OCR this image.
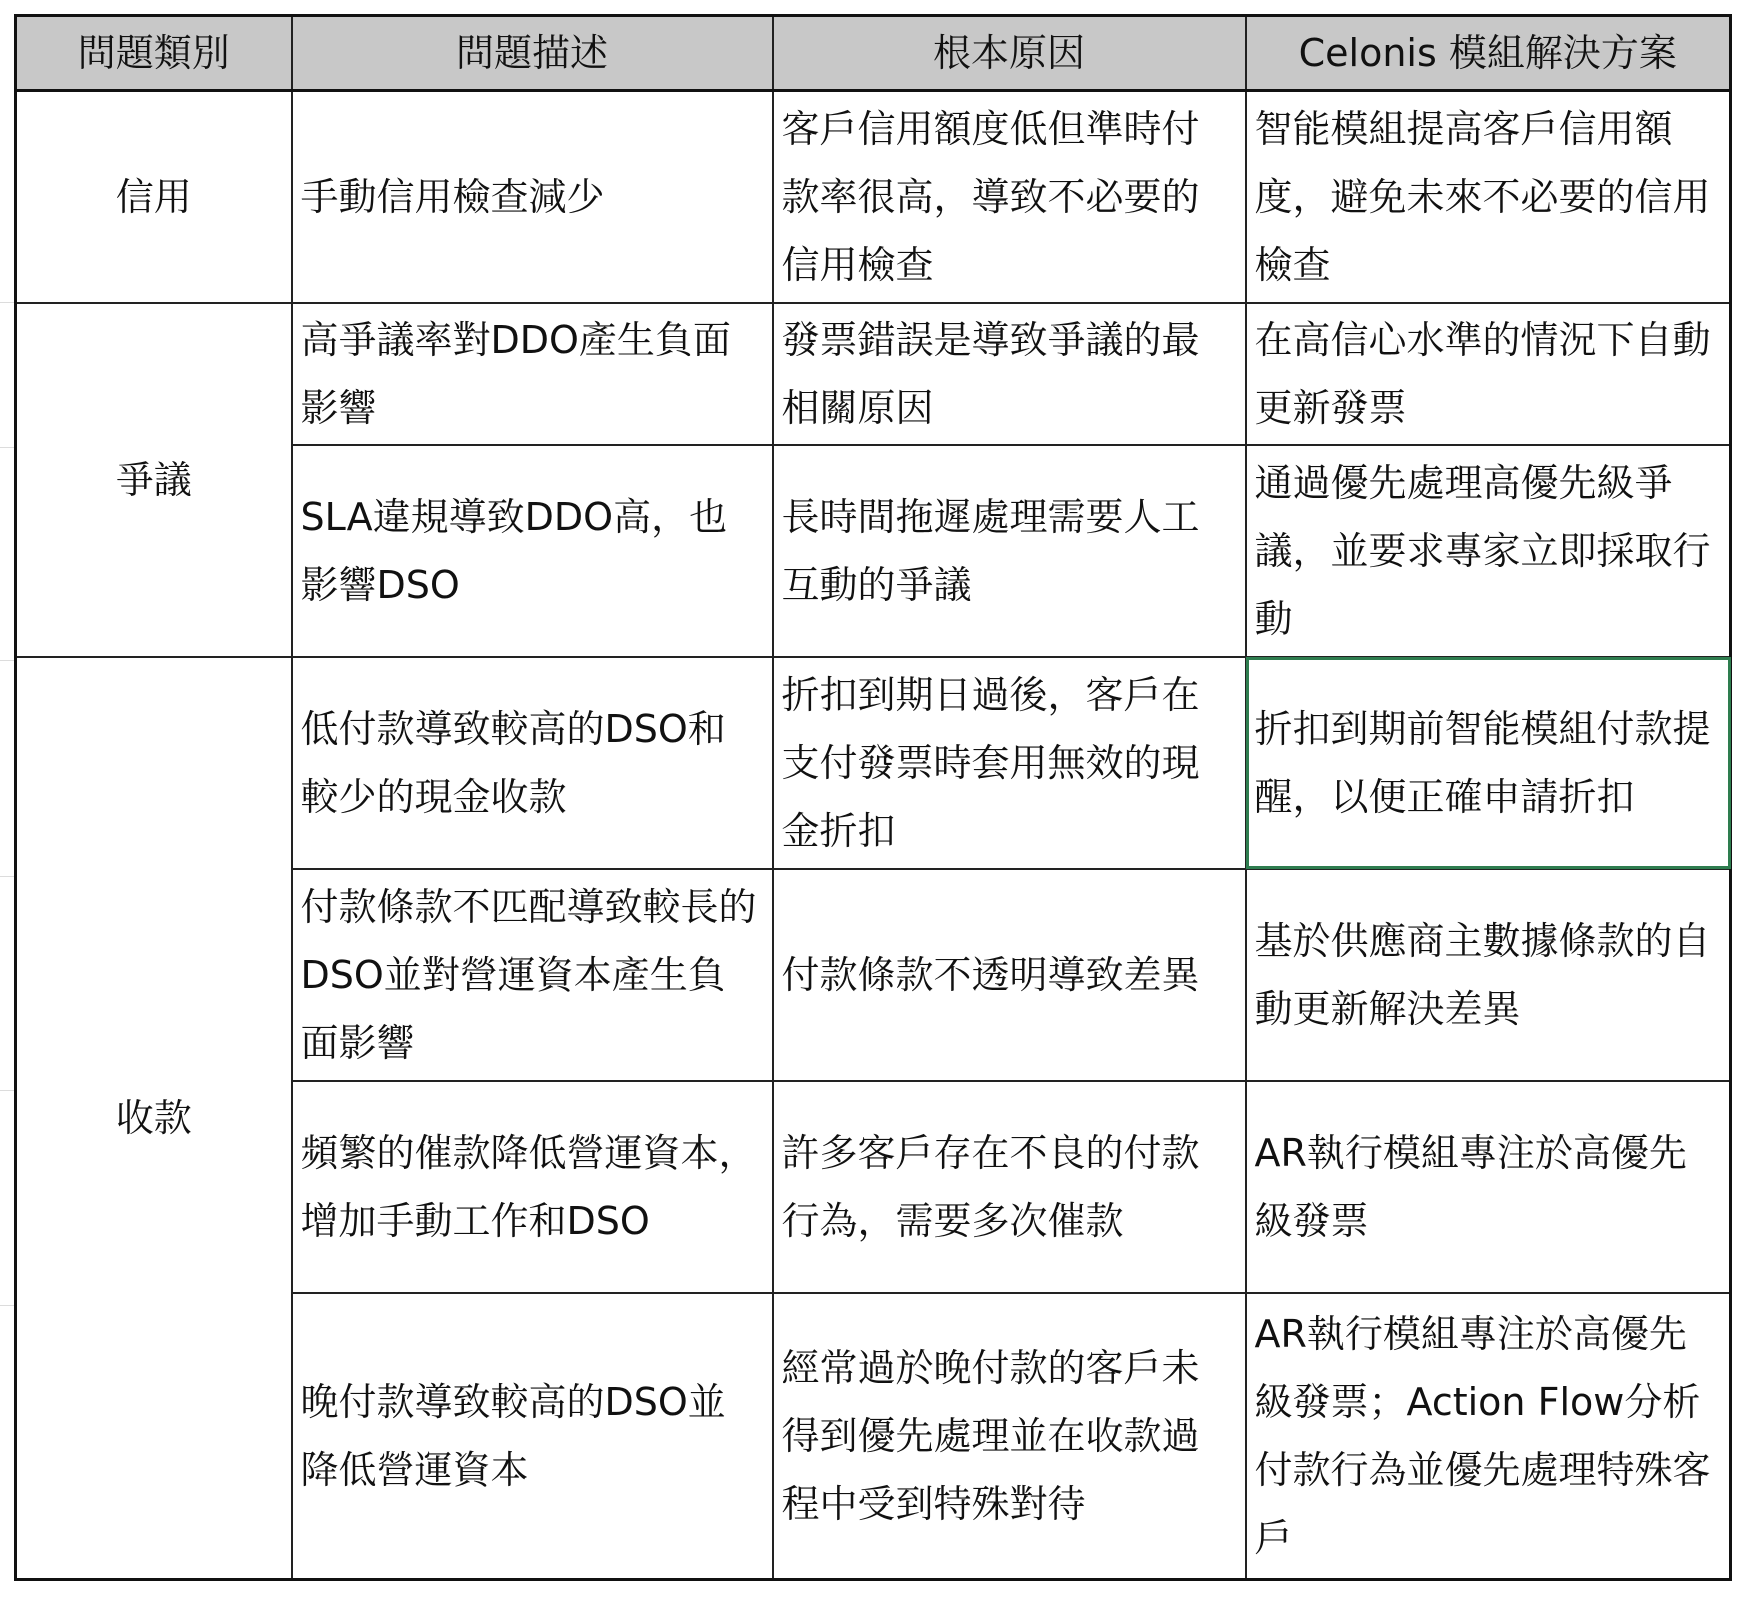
問題類別	問題描述	根本原因	Celonis 模組解決方案
信用	手動信用檢查減少	客戶信用額度低但準時付款率很高，導致不必要的信用檢查	智能模組提高客戶信用額度，避免未來不必要的信用檢查
爭議	高爭議率對DDO產生負面影響	發票錯誤是導致爭議的最相關原因	在高信心水準的情況下自動更新發票
	SLA違規導致DDO高，也影響DSO	長時間拖遲處理需要人工互動的爭議	通過優先處理高優先級爭議，並要求專家立即採取行動
收款	低付款導致較高的DSO和較少的現金收款	折扣到期日過後，客戶在支付發票時套用無效的現金折扣	折扣到期前智能模組付款提醒，以便正確申請折扣
	付款條款不匹配導致較長的DSO並對營運資本產生負面影響	付款條款不透明導致差異	基於供應商主數據條款的自動更新解決差異
	頻繁的催款降低營運資本，增加手動工作和DSO	許多客戶存在不良的付款行為，需要多次催款	AR執行模組專注於高優先級發票
	晚付款導致較高的DSO並降低營運資本	經常過於晚付款的客戶未得到優先處理並在收款過程中受到特殊對待	AR執行模組專注於高優先級發票；Action Flow分析付款行為並優先處理特殊客戶
